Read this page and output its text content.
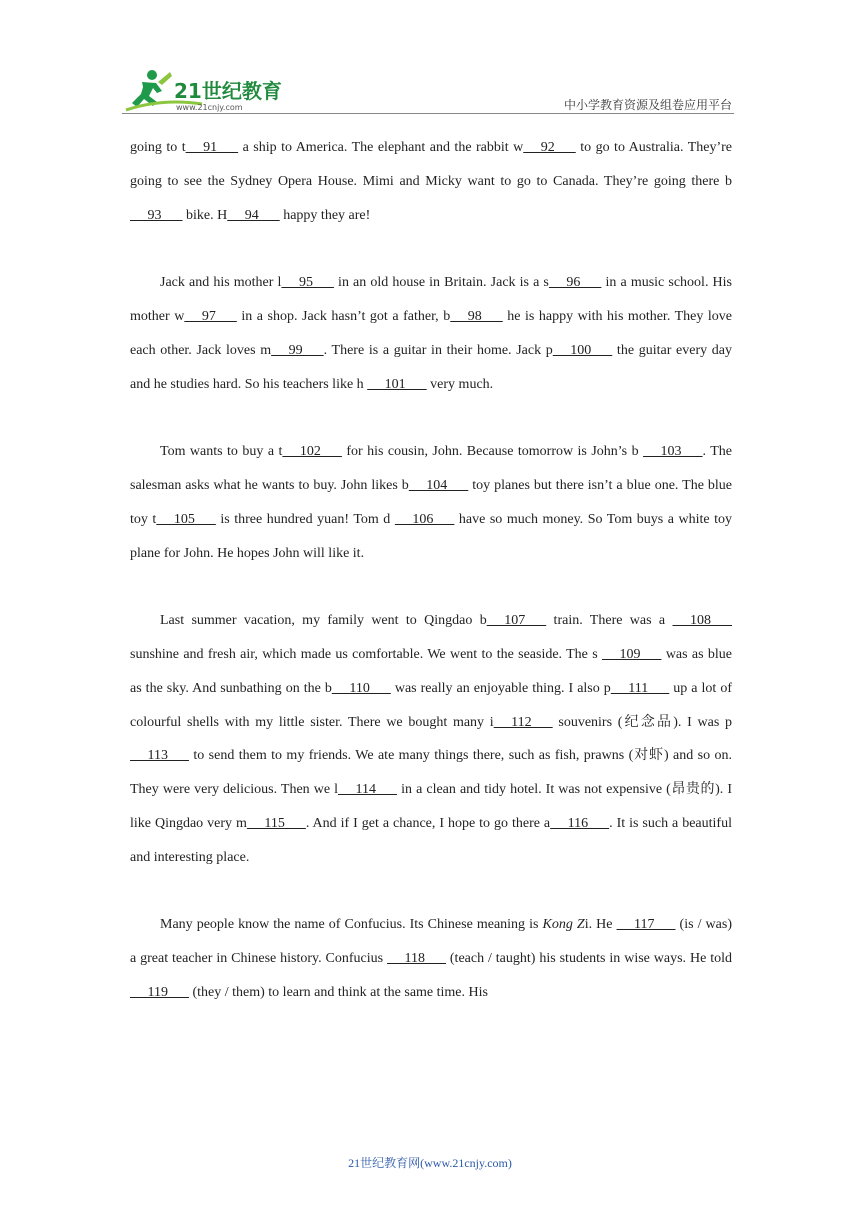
21世纪教育
www.21cnjy.com	中小学教育资源及组卷应用平台

going to t     91       a ship to America. The elephant and the rabbit w     92       to go to Australia. They’re going to see the Sydney Opera House. Mimi and Micky want to go to Canada. They’re going there b     93       bike. H     94       happy they are!

Jack and his mother l     95       in an old house in Britain. Jack is a s     96       in a music school. His mother w     97       in a shop. Jack hasn’t got a father, b     98       he is happy with his mother. They love each other. Jack loves m     99      . There is a guitar in their home. Jack p     100       the guitar every day and he studies hard. So his teachers like h      101       very much.

Tom wants to buy a t     102       for his cousin, John. Because tomorrow is John’s b      103      . The salesman asks what he wants to buy. John likes b     104       toy planes but there isn’t a blue one. The blue toy t     105       is three hundred yuan! Tom d      106       have so much money. So Tom buys a white toy plane for John. He hopes John will like it.

Last summer vacation, my family went to Qingdao b     107       train. There was a      108       sunshine and fresh air, which made us comfortable. We went to the seaside. The s      109       was as blue as the sky. And sunbathing on the b     110       was really an enjoyable thing. I also p     111       up a lot of colourful shells with my little sister. There we bought many i     112       souvenirs (纪念品). I was p     113       to send them to my friends. We ate many things there, such as fish, prawns (对虾) and so on. They were very delicious. Then we l     114       in a clean and tidy hotel. It was not expensive (昂贵的). I like Qingdao very m     115      . And if I get a chance, I hope to go there a     116      . It is such a beautiful and interesting place.

Many people know the name of Confucius. Its Chinese meaning is Kong Zi. He      117       (is / was) a great teacher in Chinese history. Confucius      118       (teach / taught) his students in wise ways. He told      119       (they / them) to learn and think at the same time. His

21世纪教育网(www.21cnjy.com)
